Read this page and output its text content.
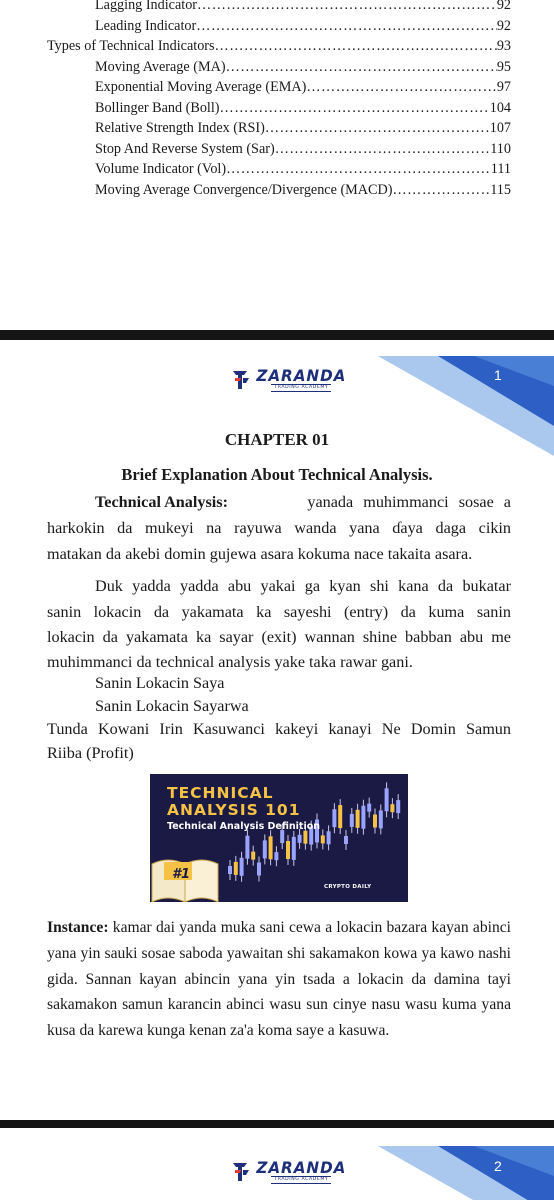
Lagging Indicator ………………………………………………………………………………………………	92
Leading Indicator ………………………………………………………………………………………………	92
Types of Technical Indicators ………………………………………………………………………………………………	93
Moving Average (MA) ………………………………………………………………………………………………	95
Exponential Moving Average (EMA) ………………………………………………………………………………………………	97
Bollinger Band (Boll) ………………………………………………………………………………………………	104
Relative Strength Index (RSI) ………………………………………………………………………………………………	107
Stop And Reverse System (Sar) ………………………………………………………………………………………………	110
Volume Indicator (Vol) ………………………………………………………………………………………………	111
Moving Average Convergence/Divergence (MACD) ………………………………………………………………………………………………	115
ZARANDA
TRADING ACADEMY
1
CHAPTER 01
Brief Explanation About Technical Analysis.
Technical Analysis:	yanada muhimmanci sosae a
harkokin da mukeyi na rayuwa wanda yana ɗaya daga cikin
matakan da akebi domin gujewa asara kokuma nace takaita asara.
Duk yadda yadda abu yakai ga kyan shi kana da bukatar
sanin lokacin da yakamata ka sayeshi (entry) da kuma sanin
lokacin da yakamata ka sayar (exit) wannan shine babban abu me
muhimmanci da technical analysis yake taka rawar gani.
Sanin Lokacin Saya
Sanin Lokacin Sayarwa
Tunda Kowani Irin Kasuwanci kakeyi kanayi Ne Domin Samun
Riiba (Profit)
TECHNICAL
ANALYSIS 101
Technical Analysis Definition
#1
CRYPTO DAILY
Instance: kamar dai yanda muka sani cewa a lokacin bazara kayan abinci yana yin sauki sosae saboda yawaitan shi sakamakon kowa ya kawo nashi gida. Sannan kayan abincin yana yin tsada a lokacin da damina tayi sakamakon samun karancin abinci wasu sun cinye nasu wasu kuma yana kusa da karewa kunga kenan za'a koma saye a kasuwa.
ZARANDA
TRADING ACADEMY
2
